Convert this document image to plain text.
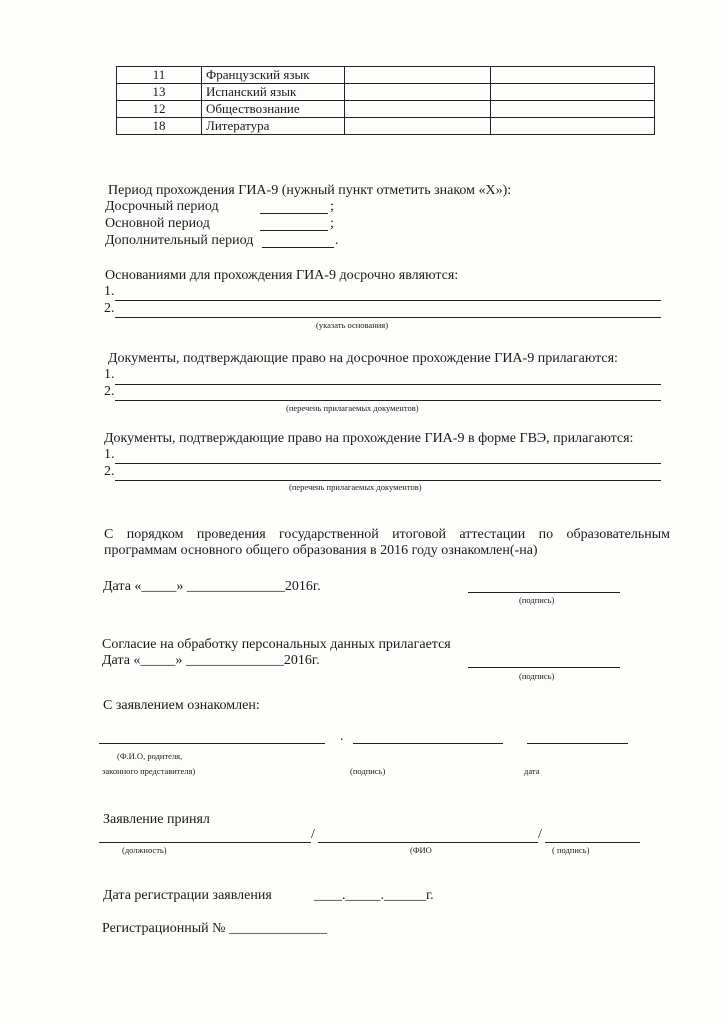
11	Французский язык		
13	Испанский язык		
12	Обществознание		
18	Литература		
Период прохождения ГИА-9 (нужный пункт отметить знаком «Х»):
Досрочный период	;
Основной период	;
Дополнительный период	.
Основаниями для прохождения ГИА-9 досрочно являются:
1.
2.
(указать основания)
Документы, подтверждающие право на досрочное прохождение ГИА-9 прилагаются:
1.
2.
(перечень прилагаемых документов)
Документы, подтверждающие право на прохождение ГИА-9 в форме ГВЭ, прилагаются:
1.
2.
(перечень прилагаемых документов)
С порядком проведения государственной итоговой аттестации по образовательным
программам основного общего образования в 2016 году ознакомлен(-на)
Дата «_____» ______________2016г.
(подпись)
Согласие на обработку персональных данных прилагается
Дата «_____» ______________2016г.
(подпись)
С заявлением ознакомлен:
.
(Ф.И.О, родителя,
законного представителя)	(подпись)	дата
Заявление принял
/	/
(должность)	(ФИО	( подпись)
Дата регистрации заявления	____._____.______г.
Регистрационный № ______________
